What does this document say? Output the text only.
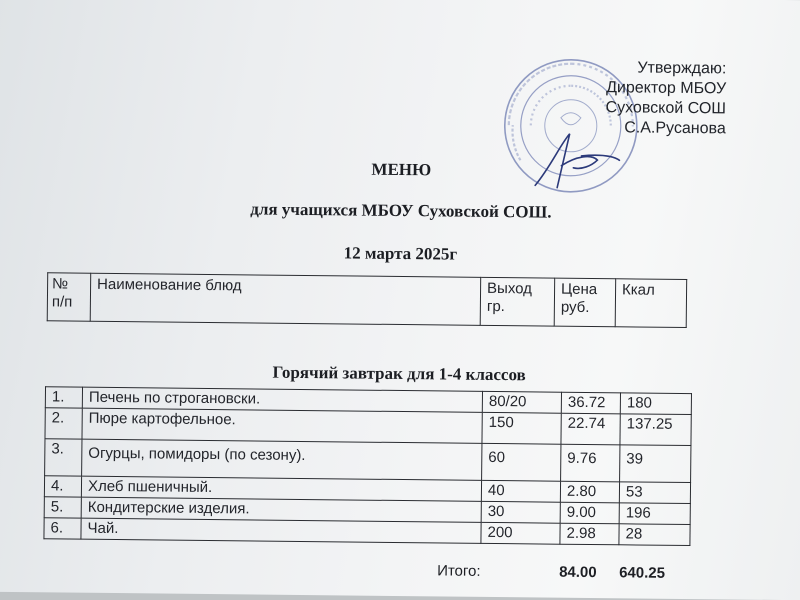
Утверждаю:
Директор МБОУ
Суховской СОШ
С.А.Русанова
МЕНЮ
для учащихся МБОУ Суховской СОШ.
12 марта 2025г
№ п/п	Наименование блюд	Выход гр.	Цена руб.	Ккал
Горячий завтрак для 1-4 классов
1.	Печень по строгановски.	80/20	36.72	180
2.	Пюре картофельное.	150	22.74	137.25
3.	Огурцы, помидоры (по сезону).	60	9.76	39
4.	Хлеб пшеничный.	40	2.80	53
5.	Кондитерские изделия.	30	9.00	196
6.	Чай.	200	2.98	28
Итого:	84.00 640.25
